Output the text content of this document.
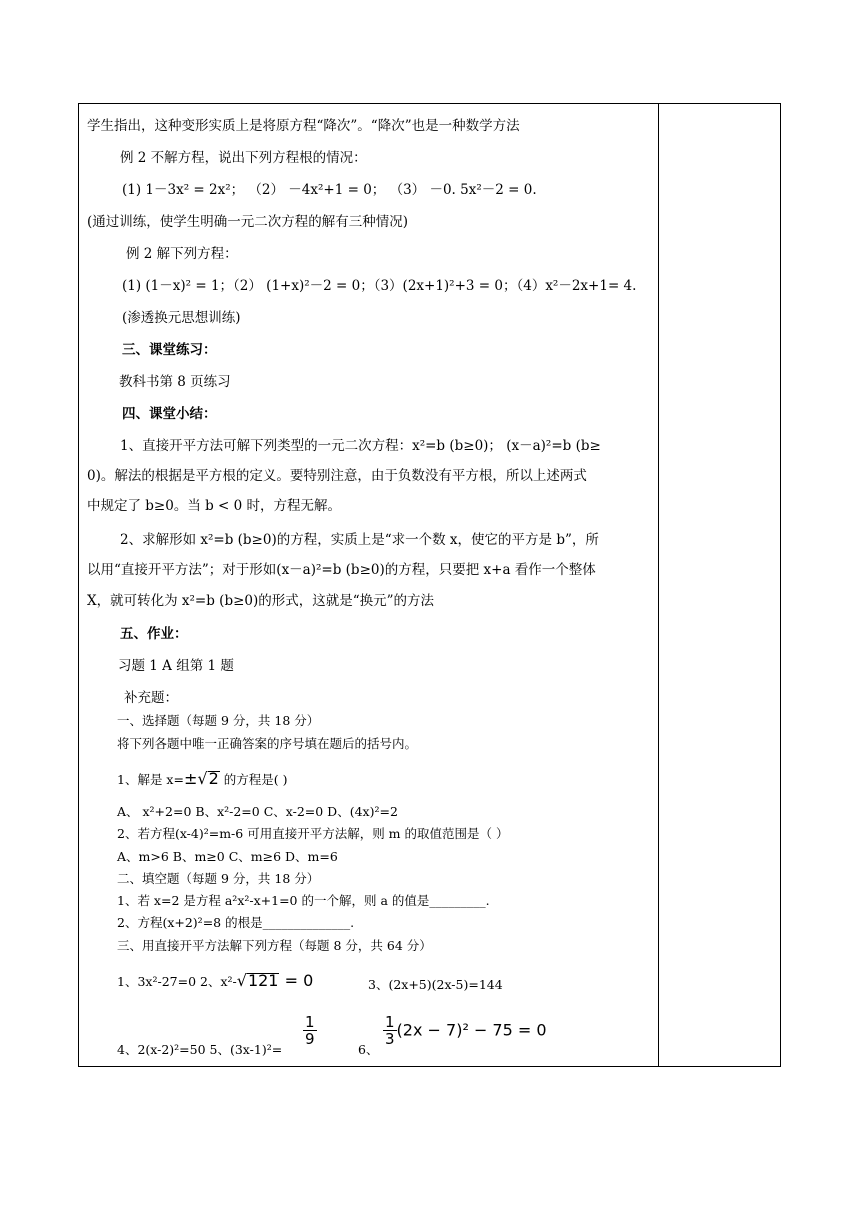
学生指出，这种变形实质上是将原方程“降次”。“降次”也是一种数学方法
例 2 不解方程，说出下列方程根的情况：
(1) 1－3x² = 2x²； （2） －4x²+1 = 0； （3） －0. 5x²－2 = 0.
(通过训练，使学生明确一元二次方程的解有三种情况)
例 2 解下列方程：
(1) (1－x)² = 1；（2） (1+x)²－2 = 0；（3）(2x+1)²+3 = 0；（4）x²－2x+1= 4.
(渗透换元思想训练)
三、课堂练习：
教科书第 8 页练习
四、课堂小结：
1、直接开平方法可解下列类型的一元二次方程：x²=b (b≥0)； (x－a)²=b (b≥
0)。解法的根据是平方根的定义。要特别注意，由于负数没有平方根，所以上述两式
中规定了 b≥0。当 b < 0 时，方程无解。
2、求解形如 x²=b (b≥0)的方程，实质上是“求一个数 x，使它的平方是 b”，所
以用“直接开平方法”；对于形如(x－a)²=b (b≥0)的方程，只要把 x+a 看作一个整体
X，就可转化为 x²=b (b≥0)的形式，这就是“换元”的方法
五、作业：
习题 1 A 组第 1 题
补充题：
一、选择题（每题 9 分，共 18 分）
将下列各题中唯一正确答案的序号填在题后的括号内。
1、解是 x=±√2 的方程是( )
A、 x²+2=0 B、x²-2=0 C、x-2=0 D、(4x)²=2
2、若方程(x-4)²=m-6 可用直接开平方法解，则 m 的取值范围是（ ）
A、m>6 B、m≥0 C、m≥6 D、m=6
二、填空题（每题 9 分，共 18 分）
1、若 x=2 是方程 a²x²-x+1=0 的一个解，则 a 的值是_________.
2、方程(x+2)²=8 的根是______________.
三、用直接开平方法解下列方程（每题 8 分，共 64 分）
1、3x²-27=0 2、x²-√121 = 0	3、(2x+5)(2x-5)=144
4、2(x-2)²=50 5、(3x-1)²=
$\frac{1}{9}$
6、
$\frac{1}{3} (2x - 7)^2 - 75 = 0$
